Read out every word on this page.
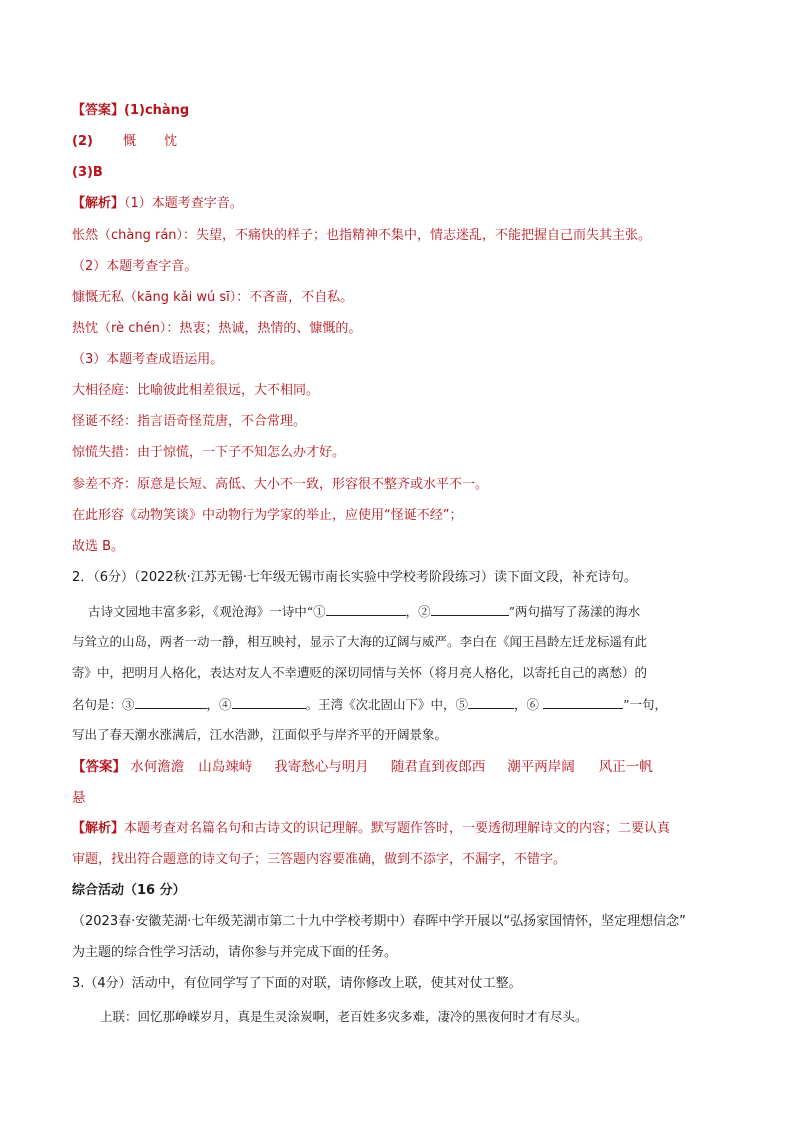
【答案】(1)chàng
(2) 慨 忱
(3)B
【解析】（1）本题考查字音。
怅然（chàng rán）：失望，不痛快的样子；也指精神不集中，情志迷乱，不能把握自己而失其主张。
（2）本题考查字音。
慷慨无私（kāng kǎi wú sī）：不吝啬，不自私。
热忱（rè chén）：热衷；热诚，热情的、慷慨的。
（3）本题考查成语运用。
大相径庭：比喻彼此相差很远，大不相同。
怪诞不经：指言语奇怪荒唐，不合常理。
惊慌失措：由于惊慌，一下子不知怎么办才好。
参差不齐：原意是长短、高低、大小不一致，形容很不整齐或水平不一。
在此形容《动物笑谈》中动物行为学家的举止，应使用“怪诞不经”；
故选 B。
2．（6分）（2022秋·江苏无锡·七年级无锡市南长实验中学校考阶段练习）读下面文段，补充诗句。
古诗文园地丰富多彩，《观沧海》一诗中“①	，②	”两句描写了荡漾的海水
与耸立的山岛，两者一动一静，相互映衬，显示了大海的辽阔与威严。李白在《闻王昌龄左迁龙标遥有此
寄》中，把明月人格化，表达对友人不幸遭贬的深切同情与关怀（将月亮人格化，以寄托自己的离愁）的
名句是：③	，④	。王湾《次北固山下》中，⑤	，⑥	”一句，
写出了春天潮水涨满后，江水浩渺，江面似乎与岸齐平的开阔景象。
【答案】 水何澹澹 山岛竦峙 我寄愁心与明月 随君直到夜郎西 潮平两岸阔 风正一帆
悬
【解析】本题考查对名篇名句和古诗文的识记理解。默写题作答时，一要透彻理解诗文的内容；二要认真
审题，找出符合题意的诗文句子；三答题内容要准确，做到不添字，不漏字，不错字。
综合活动（16 分）
（2023春·安徽芜湖·七年级芜湖市第二十九中学校考期中）春晖中学开展以“弘扬家国情怀，坚定理想信念”
为主题的综合性学习活动，请你参与并完成下面的任务。
3.（4分）活动中，有位同学写了下面的对联，请你修改上联，使其对仗工整。
上联：回忆那峥嵘岁月，真是生灵涂炭啊，老百姓多灾多难，凄冷的黑夜何时才有尽头。
